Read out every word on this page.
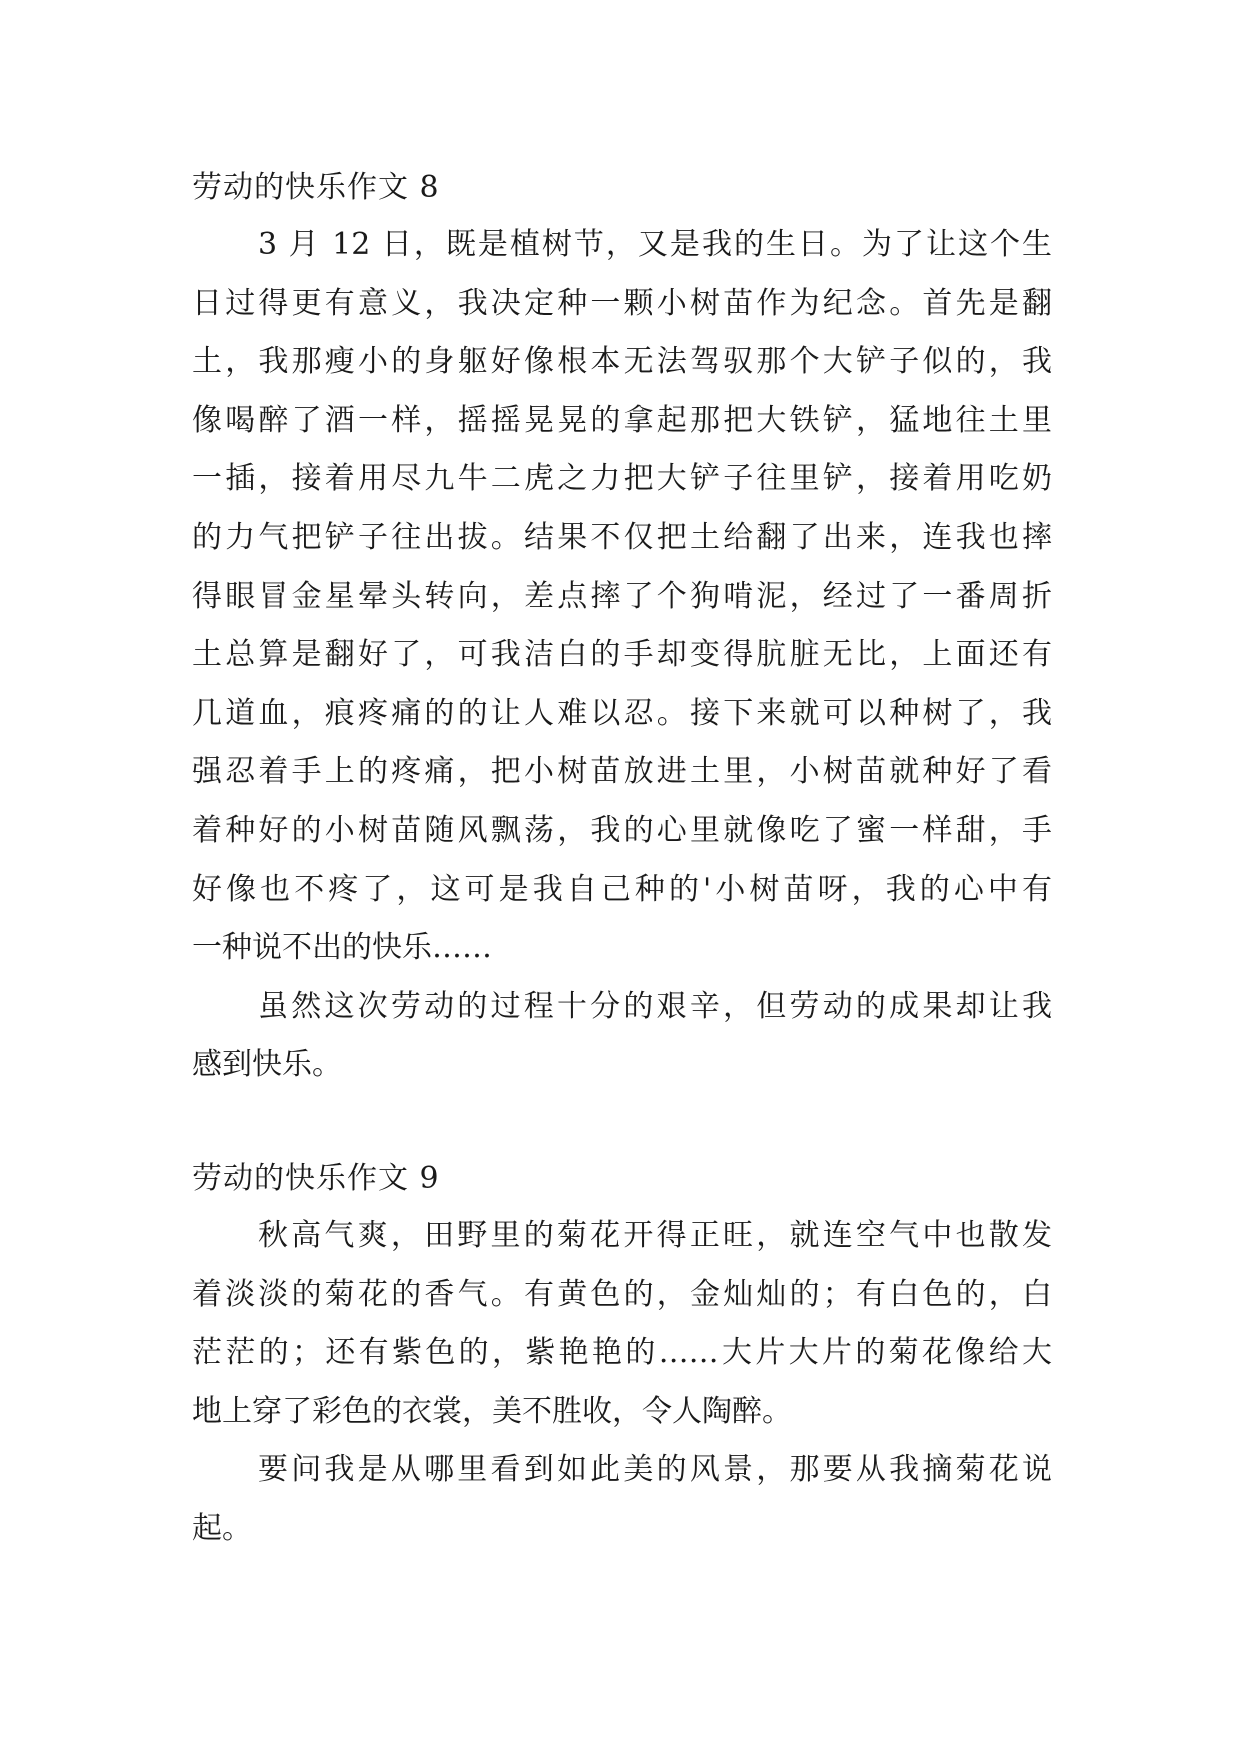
劳动的快乐作文 8
3 月 12 日，既是植树节，又是我的生日。为了让这个生
日过得更有意义，我决定种一颗小树苗作为纪念。首先是翻
土，我那瘦小的身躯好像根本无法驾驭那个大铲子似的，我
像喝醉了酒一样，摇摇晃晃的拿起那把大铁铲，猛地往土里
一插，接着用尽九牛二虎之力把大铲子往里铲，接着用吃奶
的力气把铲子往出拔。结果不仅把土给翻了出来，连我也摔
得眼冒金星晕头转向，差点摔了个狗啃泥，经过了一番周折
土总算是翻好了，可我洁白的手却变得肮脏无比，上面还有
几道血，痕疼痛的的让人难以忍。接下来就可以种树了，我
强忍着手上的疼痛，把小树苗放进土里，小树苗就种好了看
着种好的小树苗随风飘荡，我的心里就像吃了蜜一样甜，手
好像也不疼了，这可是我自己种的'小树苗呀，我的心中有
一种说不出的快乐……
虽然这次劳动的过程十分的艰辛，但劳动的成果却让我
感到快乐。
劳动的快乐作文 9
秋高气爽，田野里的菊花开得正旺，就连空气中也散发
着淡淡的菊花的香气。有黄色的，金灿灿的；有白色的，白
茫茫的；还有紫色的，紫艳艳的……大片大片的菊花像给大
地上穿了彩色的衣裳，美不胜收，令人陶醉。
要问我是从哪里看到如此美的风景，那要从我摘菊花说
起。
